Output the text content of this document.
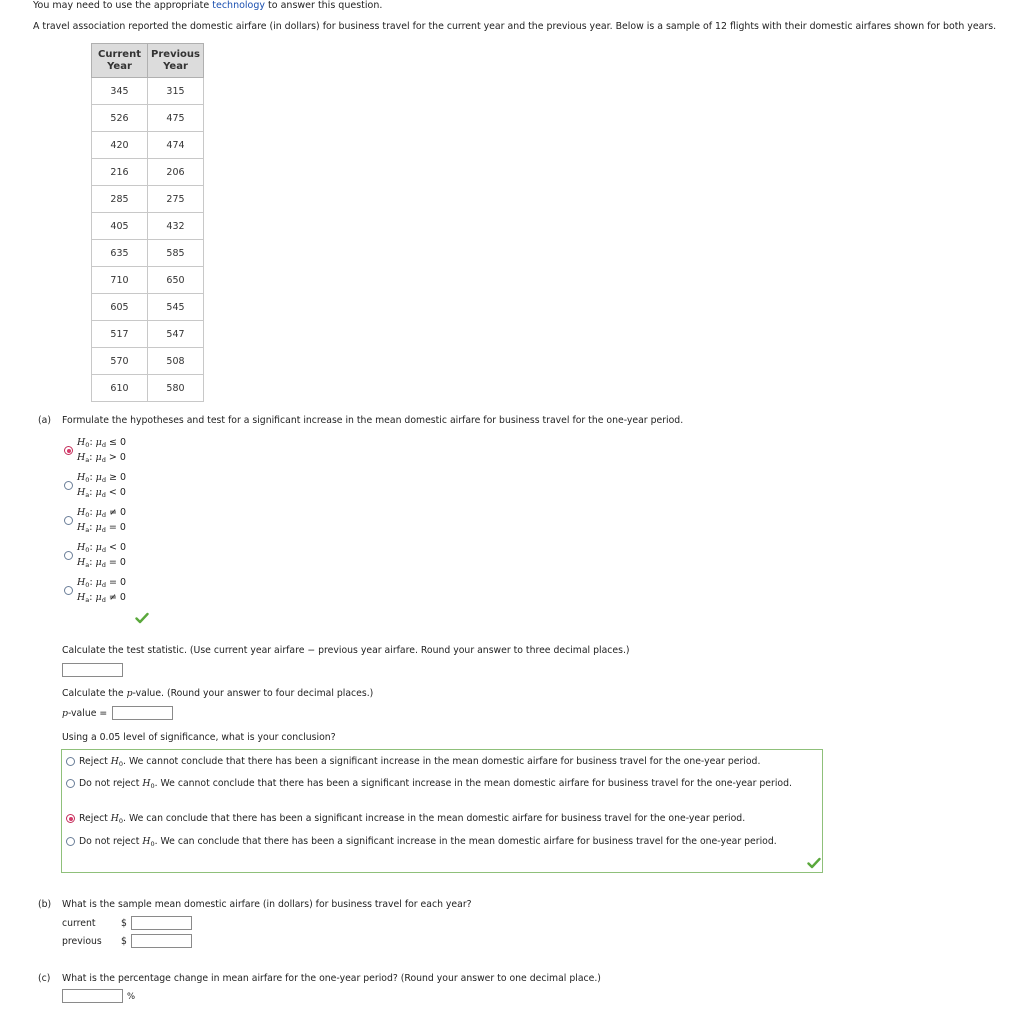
You may need to use the appropriate technology to answer this question.
A travel association reported the domestic airfare (in dollars) for business travel for the current year and the previous year. Below is a sample of 12 flights with their domestic airfares shown for both years.
Current
Year	Previous
Year
345	315
526	475
420	474
216	206
285	275
405	432
635	585
710	650
605	545
517	547
570	508
610	580
(a) Formulate the hypotheses and test for a significant increase in the mean domestic airfare for business travel for the one-year period.
$H_0$: $\mu_d \le 0$
$H_a$: $\mu_d > 0$
$H_0$: $\mu_d \ge 0$
$H_a$: $\mu_d < 0$
$H_0$: $\mu_d \ne 0$
$H_a$: $\mu_d = 0$
$H_0$: $\mu_d < 0$
$H_a$: $\mu_d = 0$
$H_0$: $\mu_d = 0$
$H_a$: $\mu_d \ne 0$
Calculate the test statistic. (Use current year airfare − previous year airfare. Round your answer to three decimal places.)
Calculate the p-value. (Round your answer to four decimal places.)
p-value =
Using a 0.05 level of significance, what is your conclusion?
Reject $H_0$. We cannot conclude that there has been a significant increase in the mean domestic airfare for business travel for the one-year period.
Do not reject $H_0$. We cannot conclude that there has been a significant increase in the mean domestic airfare for business travel for the one-year period.
Reject $H_0$. We can conclude that there has been a significant increase in the mean domestic airfare for business travel for the one-year period.
Do not reject $H_0$. We can conclude that there has been a significant increase in the mean domestic airfare for business travel for the one-year period.
(b) What is the sample mean domestic airfare (in dollars) for business travel for each year?
current	$
previous $
(c) What is the percentage change in mean airfare for the one-year period? (Round your answer to one decimal place.)
%
